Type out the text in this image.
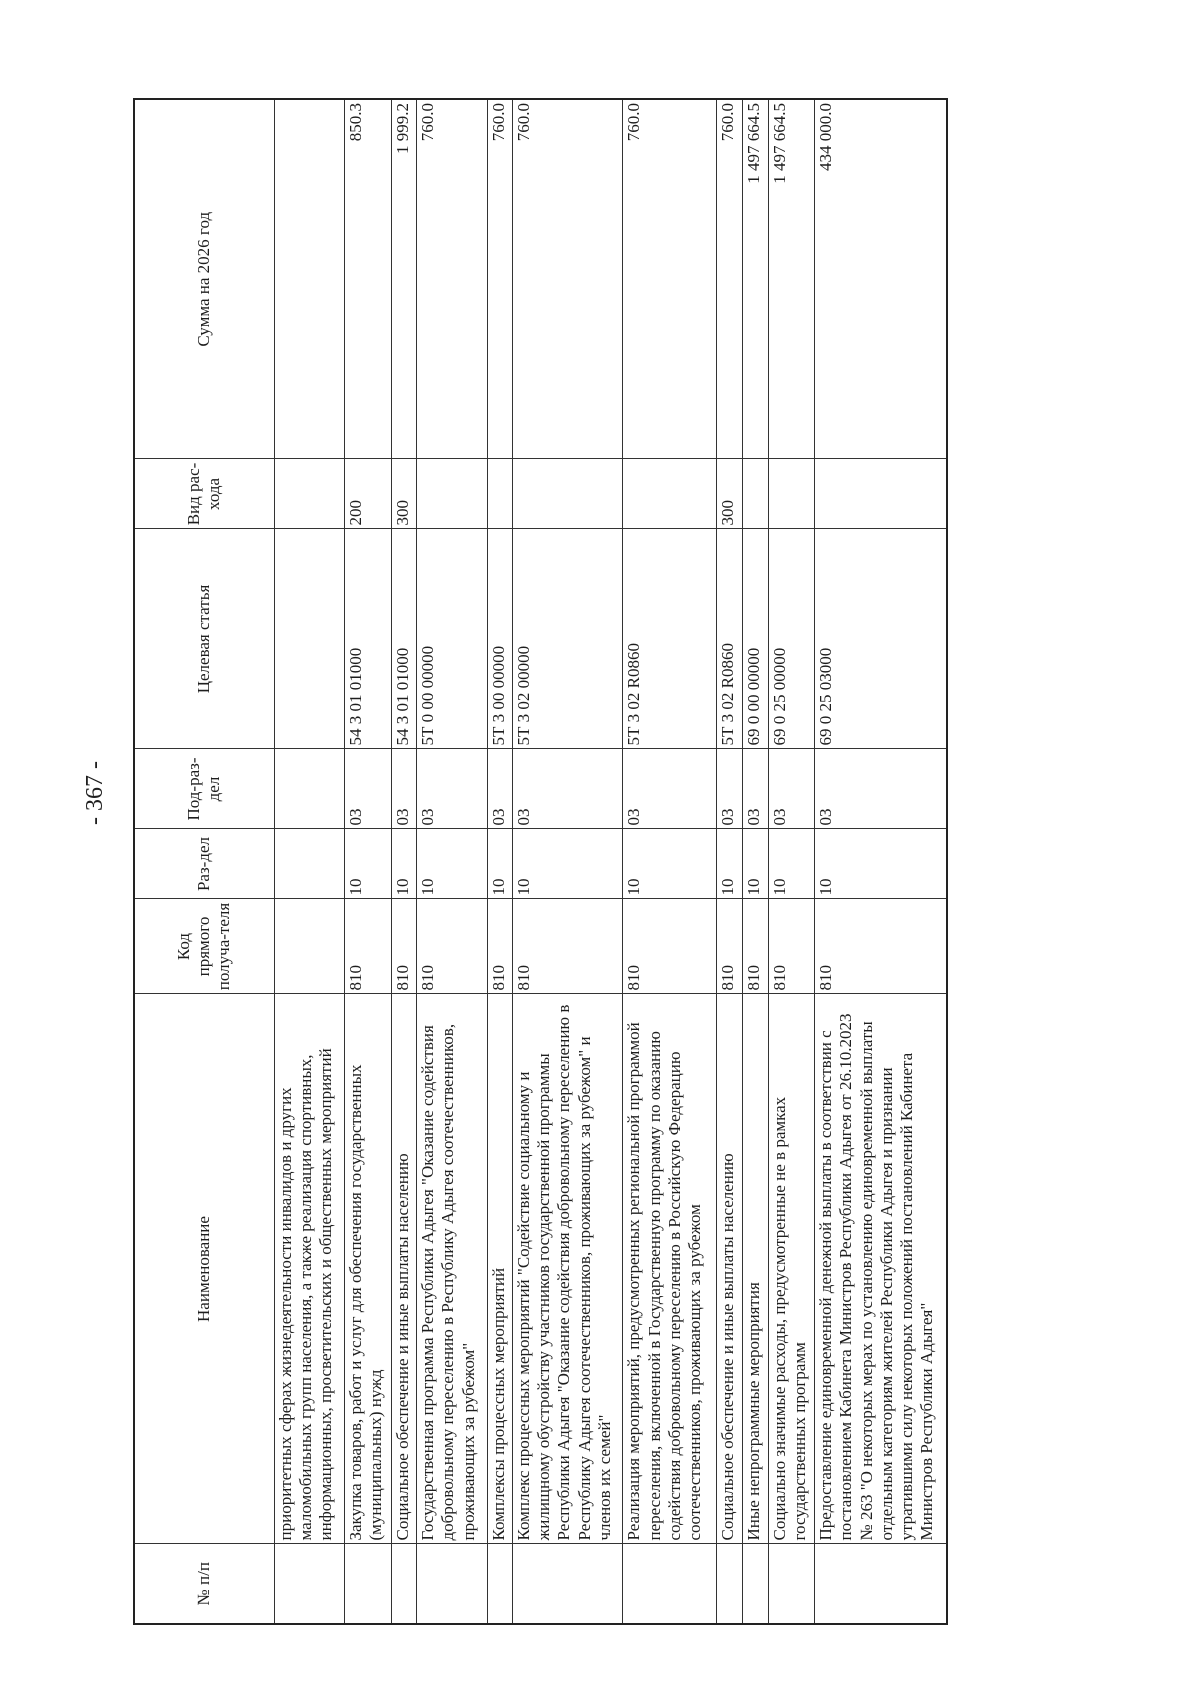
- 367 -
№ п/п	Наименование	Код прямого получа-теля	Раз-дел	Под-раз-дел	Целевая статья	Вид рас-хода	Сумма на 2026 год
	приоритетных сферах жизнедеятельности инвалидов и других маломобильных групп населения, а также реализация спортивных, информационных, просветительских и общественных мероприятий						
	Закупка товаров, работ и услуг для обеспечения государственных (муниципальных) нужд	810	10	03	54 3 01 01000	200	850.3
	Социальное обеспечение и иные выплаты населению	810	10	03	54 3 01 01000	300	1 999.2
	Государственная программа Республики Адыгея "Оказание содействия добровольному переселению в Республику Адыгея соотечественников, проживающих за рубежом"	810	10	03	5Т 0 00 00000		760.0
	Комплексы процессных мероприятий	810	10	03	5Т 3 00 00000		760.0
	Комплекс процессных мероприятий "Содействие социальному и жилищному обустройству участников государственной программы Республики Адыгея "Оказание содействия добровольному переселению в Республику Адыгея соотечественников, проживающих за рубежом" и членов их семей"	810	10	03	5Т 3 02 00000		760.0
	Реализация мероприятий, предусмотренных региональной программой переселения, включенной в Государственную программу по оказанию содействия добровольному переселению в Российскую Федерацию соотечественников, проживающих за рубежом	810	10	03	5Т 3 02 R0860		760.0
	Социальное обеспечение и иные выплаты населению	810	10	03	5Т 3 02 R0860	300	760.0
	Иные непрограммные мероприятия	810	10	03	69 0 00 00000		1 497 664.5
	Социально значимые расходы, предусмотренные не в рамках государственных программ	810	10	03	69 0 25 00000		1 497 664.5
	Предоставление единовременной денежной выплаты в соответствии с постановлением Кабинета Министров Республики Адыгея от 26.10.2023 № 263 "О некоторых мерах по установлению единовременной выплаты отдельным категориям жителей Республики Адыгея и признании утратившими силу некоторых положений постановлений Кабинета Министров Республики Адыгея"	810	10	03	69 0 25 03000		434 000.0
